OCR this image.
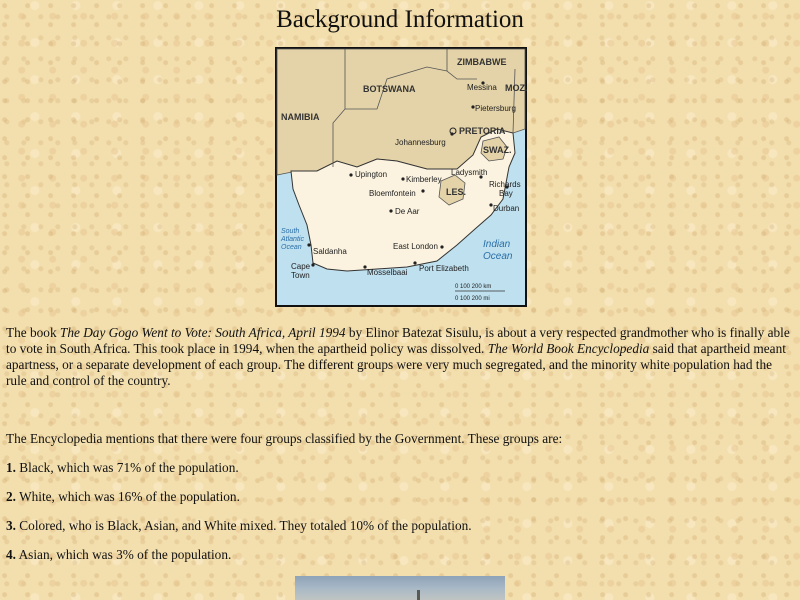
Background Information
ZIMBABWE
BOTSWANA
NAMIBIA
MOZ.
SWAZ.
LES.
Messina
Pietersburg
PRETORIA
Johannesburg
Ladysmith
Richards
Bay
Upington
Kimberley
Bloemfontein
De Aar	Durban
East London
Saldanha
Cape
Town	Mosselbaai Port Elizabeth
South
Atlantic
Ocean	Indian
Ocean
0 100 200 km
0 100 200 mi
The book The Day Gogo Went to Vote: South Africa, April 1994 by Elinor Batezat Sisulu, is about a very respected grandmother who is finally able to vote in South Africa. This took place in 1994, when the apartheid policy was dissolved. The World Book Encyclopedia said that apartheid meant apartness, or a separate development of each group. The different groups were very much segregated, and the minority white population had the rule and control of the country.
The Encyclopedia mentions that there were four groups classified by the Government. These groups are:
1. Black, which was 71% of the population.
2. White, which was 16% of the population.
3. Colored, who is Black, Asian, and White mixed. They totaled 10% of the population.
4. Asian, which was 3% of the population.
